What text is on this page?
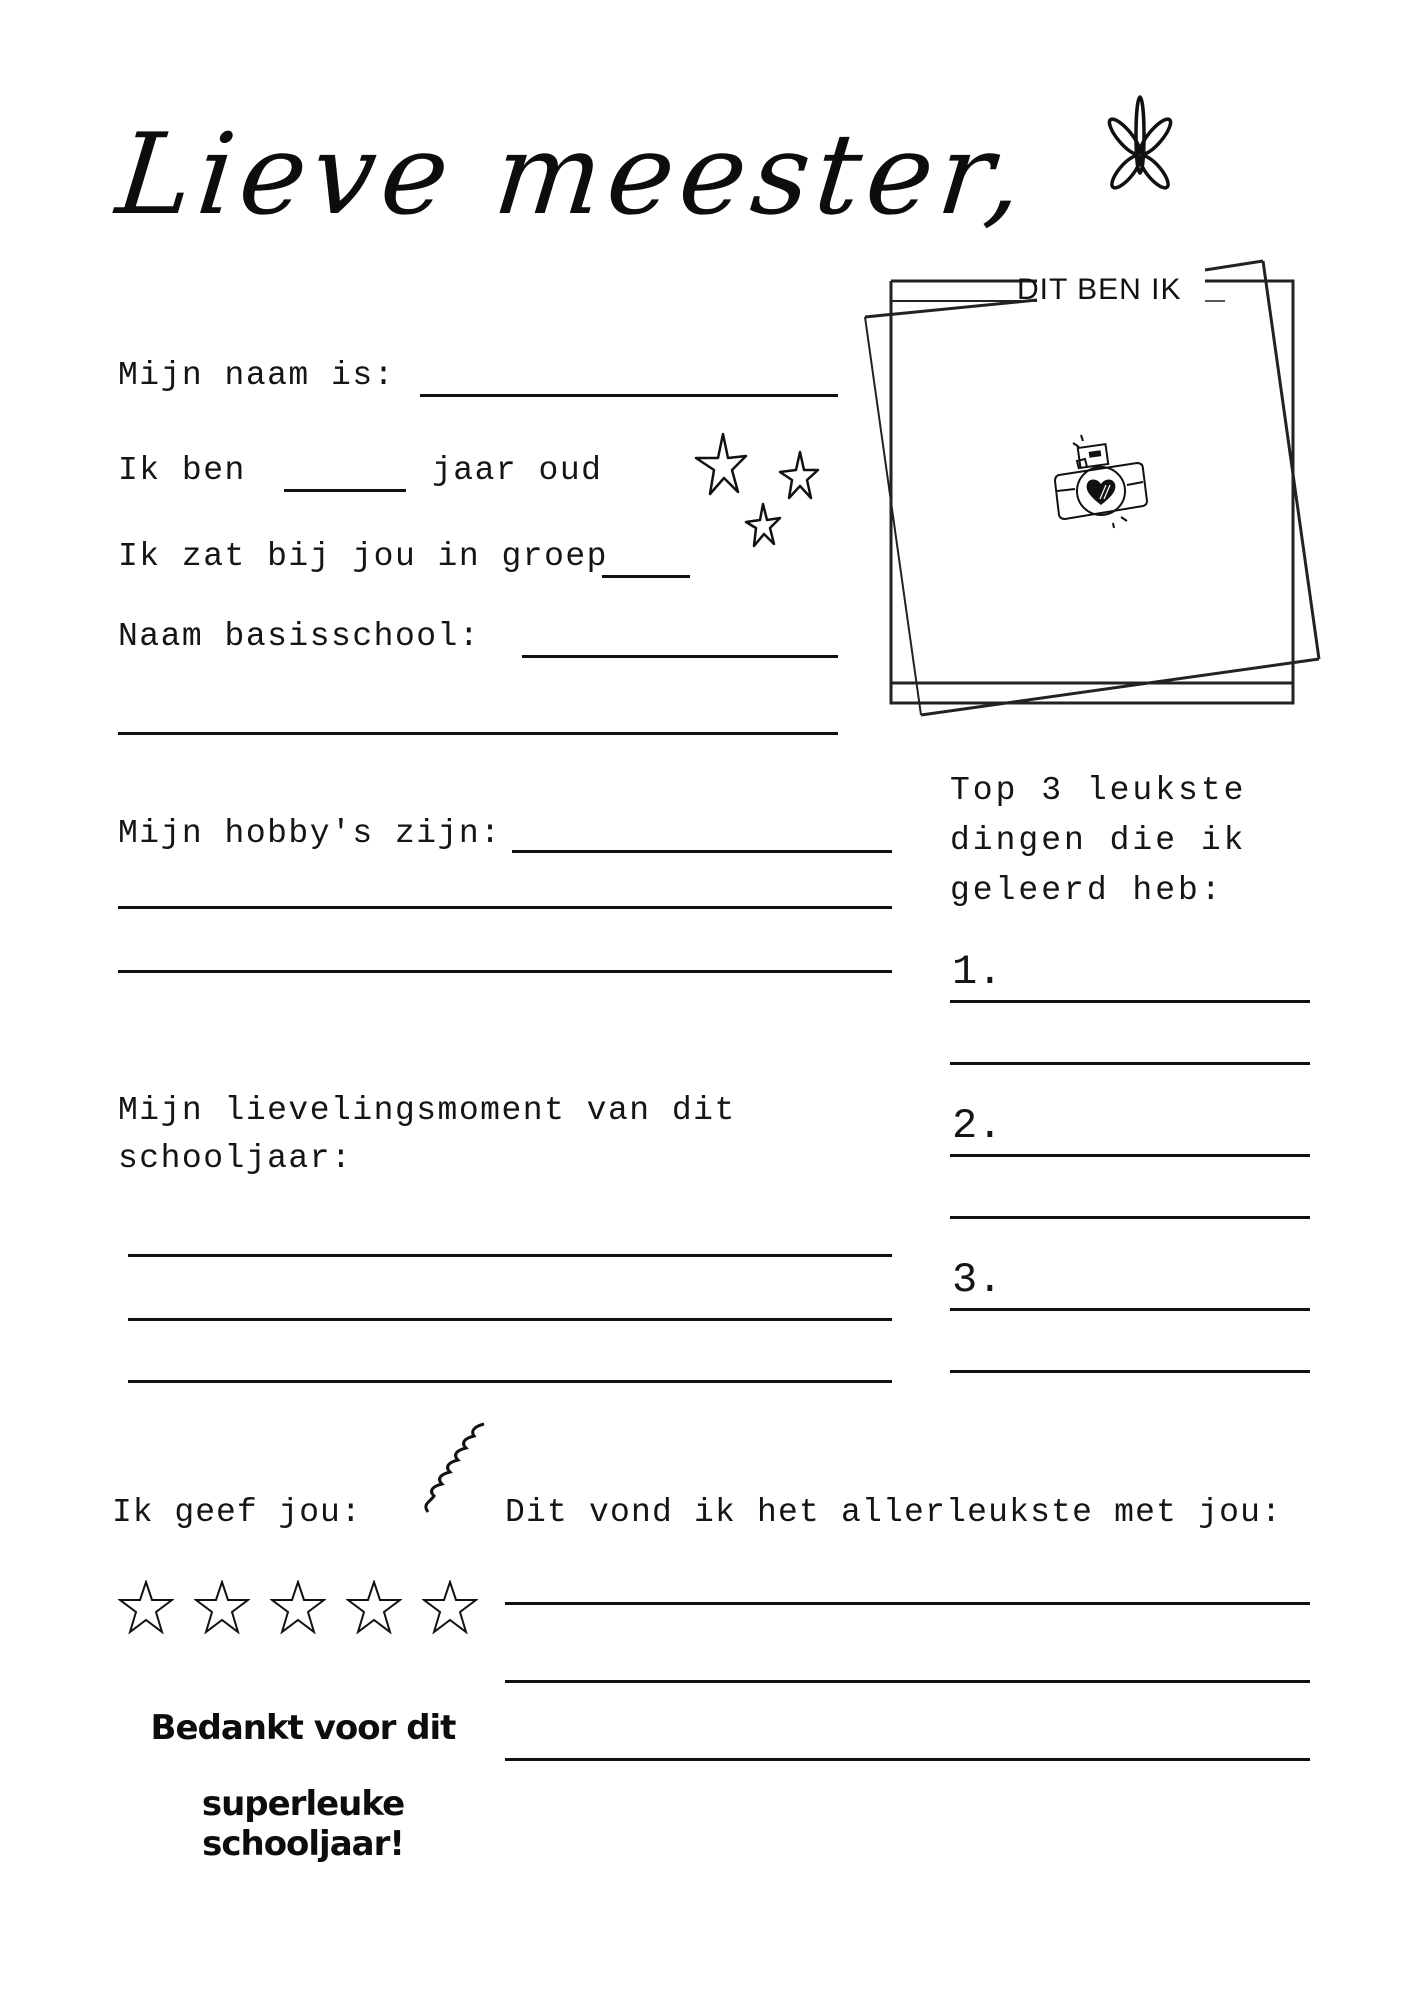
Lieve meester,
DIT BEN IK
Mijn naam is:
Ik ben	jaar oud
Ik zat bij jou in groep
Naam basisschool:
Mijn hobby's zijn:
Mijn lievelingsmoment van dit
schooljaar:
Top 3 leukste
dingen die ik
geleerd heb:
1.
2.
3.
Ik geef jou:	Dit vond ik het allerleukste met jou:
Bedankt voor dit
superleuke schooljaar!
